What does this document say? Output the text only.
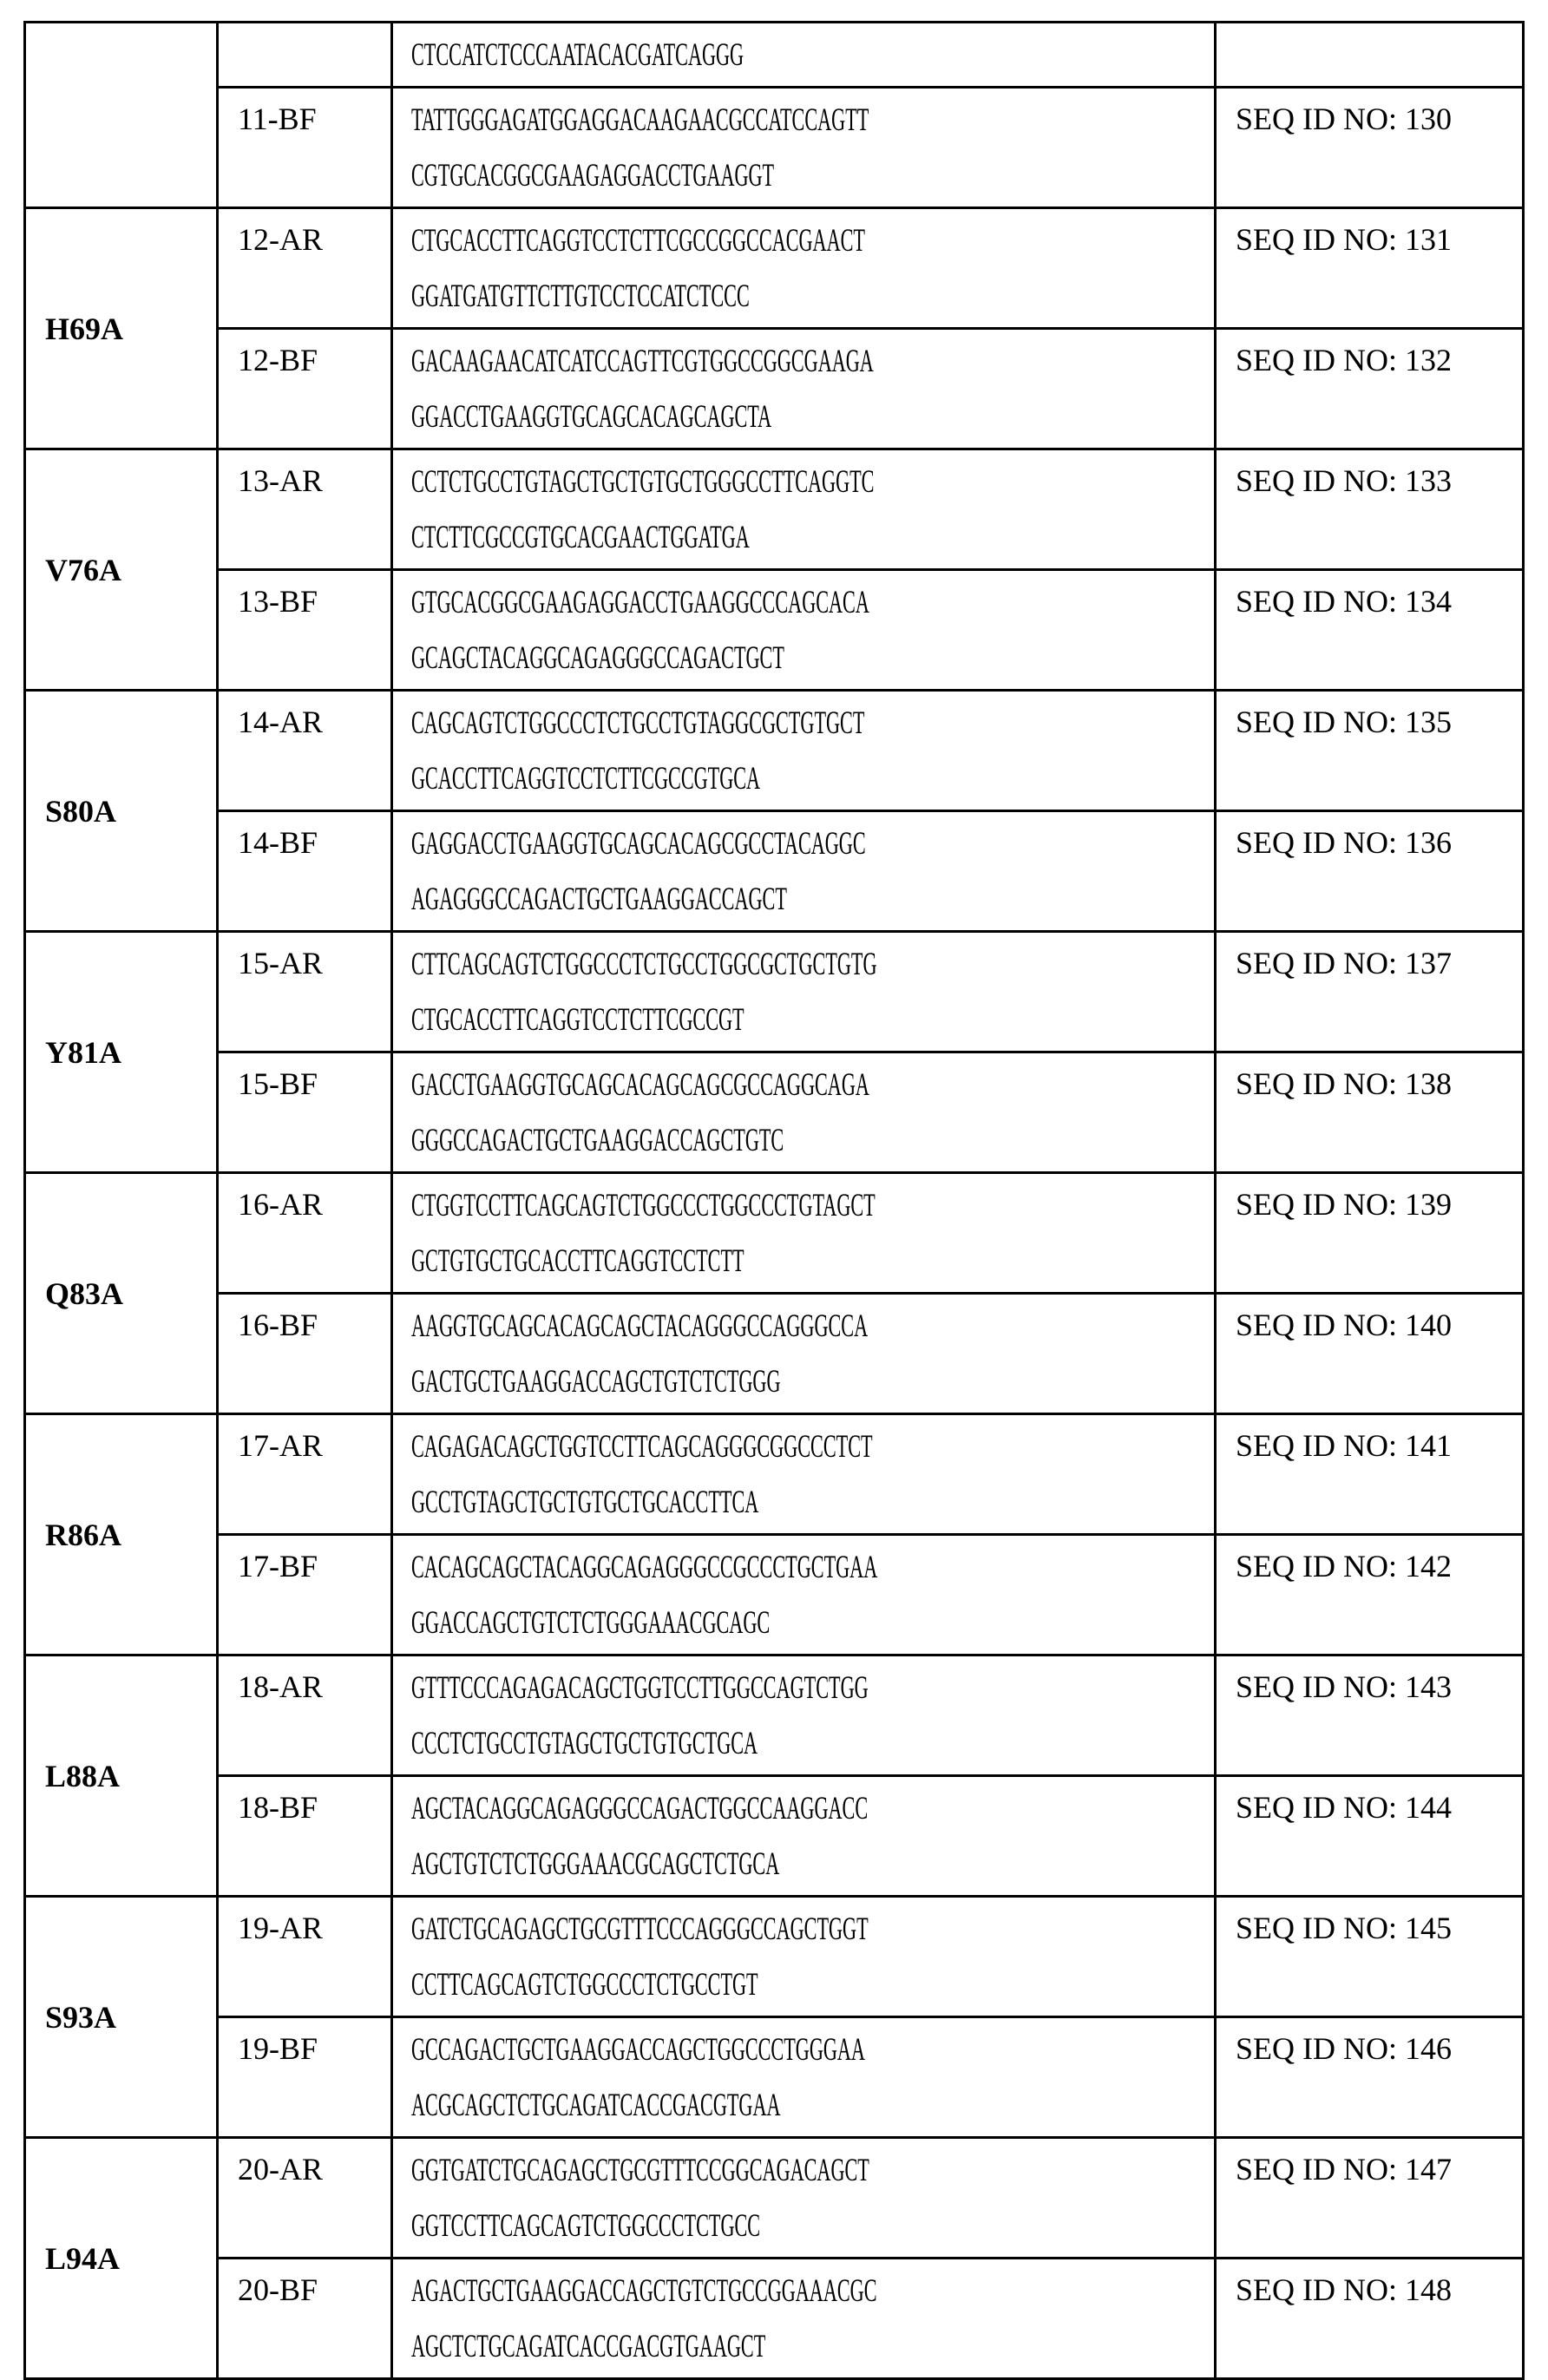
CTCCATCTCCCAATACACGATCAGGG

11-BF	TATTGGGAGATGGAGGACAAGAACGCCATCCAGTT
CGTGCACGGCGAAGAGGACCTGAAGGT
	SEQ ID NO: 130
H69A	12-AR	CTGCACCTTCAGGTCCTCTTCGCCGGCCACGAACT
GGATGATGTTCTTGTCCTCCATCTCCC
	SEQ ID NO: 131
12-BF	GACAAGAACATCATCCAGTTCGTGGCCGGCGAAGA
GGACCTGAAGGTGCAGCACAGCAGCTA
	SEQ ID NO: 132
V76A	13-AR	CCTCTGCCTGTAGCTGCTGTGCTGGGCCTTCAGGTC
CTCTTCGCCGTGCACGAACTGGATGA
	SEQ ID NO: 133
13-BF	GTGCACGGCGAAGAGGACCTGAAGGCCCAGCACA
GCAGCTACAGGCAGAGGGCCAGACTGCT
	SEQ ID NO: 134
S80A	14-AR	CAGCAGTCTGGCCCTCTGCCTGTAGGCGCTGTGCT
GCACCTTCAGGTCCTCTTCGCCGTGCA
	SEQ ID NO: 135
14-BF	GAGGACCTGAAGGTGCAGCACAGCGCCTACAGGC
AGAGGGCCAGACTGCTGAAGGACCAGCT
	SEQ ID NO: 136
Y81A	15-AR	CTTCAGCAGTCTGGCCCTCTGCCTGGCGCTGCTGTG
CTGCACCTTCAGGTCCTCTTCGCCGT
	SEQ ID NO: 137
15-BF	GACCTGAAGGTGCAGCACAGCAGCGCCAGGCAGA
GGGCCAGACTGCTGAAGGACCAGCTGTC
	SEQ ID NO: 138
Q83A	16-AR	CTGGTCCTTCAGCAGTCTGGCCCTGGCCCTGTAGCT
GCTGTGCTGCACCTTCAGGTCCTCTT
	SEQ ID NO: 139
16-BF	AAGGTGCAGCACAGCAGCTACAGGGCCAGGGCCA
GACTGCTGAAGGACCAGCTGTCTCTGGG
	SEQ ID NO: 140
R86A	17-AR	CAGAGACAGCTGGTCCTTCAGCAGGGCGGCCCTCT
GCCTGTAGCTGCTGTGCTGCACCTTCA
	SEQ ID NO: 141
17-BF	CACAGCAGCTACAGGCAGAGGGCCGCCCTGCTGAA
GGACCAGCTGTCTCTGGGAAACGCAGC
	SEQ ID NO: 142
L88A	18-AR	GTTTCCCAGAGACAGCTGGTCCTTGGCCAGTCTGG
CCCTCTGCCTGTAGCTGCTGTGCTGCA
	SEQ ID NO: 143
18-BF	AGCTACAGGCAGAGGGCCAGACTGGCCAAGGACC
AGCTGTCTCTGGGAAACGCAGCTCTGCA
	SEQ ID NO: 144
S93A	19-AR	GATCTGCAGAGCTGCGTTTCCCAGGGCCAGCTGGT
CCTTCAGCAGTCTGGCCCTCTGCCTGT
	SEQ ID NO: 145
19-BF	GCCAGACTGCTGAAGGACCAGCTGGCCCTGGGAA
ACGCAGCTCTGCAGATCACCGACGTGAA
	SEQ ID NO: 146
L94A	20-AR	GGTGATCTGCAGAGCTGCGTTTCCGGCAGACAGCT
GGTCCTTCAGCAGTCTGGCCCTCTGCC
	SEQ ID NO: 147
20-BF	AGACTGCTGAAGGACCAGCTGTCTGCCGGAAACGC
AGCTCTGCAGATCACCGACGTGAAGCT
	SEQ ID NO: 148
